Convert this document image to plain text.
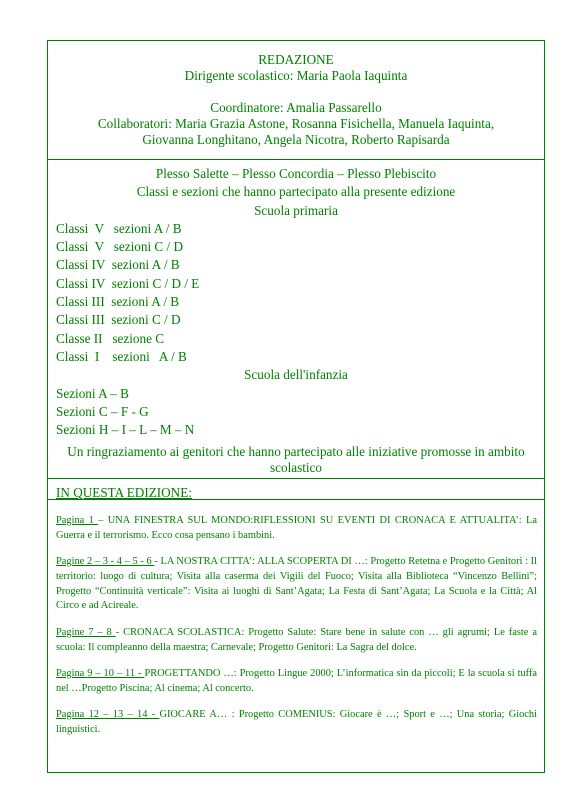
REDAZIONE
Dirigente scolastico: Maria Paola Iaquinta
Coordinatore: Amalia Passarello
Collaboratori: Maria Grazia Astone, Rosanna Fisichella, Manuela Iaquinta,
Giovanna Longhitano, Angela Nicotra, Roberto Rapisarda
Plesso Salette – Plesso Concordia – Plesso Plebiscito
Classi e sezioni che hanno partecipato alla presente edizione
Scuola primaria
Classi  V   sezioni A / B
Classi  V   sezioni C / D
Classi IV  sezioni A / B
Classi IV  sezioni C / D / E
Classi III  sezioni A / B
Classi III  sezioni C / D
Classe II   sezione C
Classi  I    sezioni   A / B
Scuola dell'infanzia
Sezioni A – B
Sezioni C – F - G
Sezioni H – I – L – M – N
Un ringraziamento ai genitori che hanno partecipato alle iniziative promosse in ambito scolastico
IN QUESTA EDIZIONE:

Pagina 1 – UNA FINESTRA SUL MONDO:RIFLESSIONI SU EVENTI DI CRONACA E ATTUALITA’: La Guerra e il terrorismo. Ecco cosa pensano i bambini.

Pagine 2 – 3 - 4 – 5 - 6 - LA NOSTRA CITTA’: ALLA SCOPERTA DI …: Progetto Retetna e Progetto Genitori : Il territorio: luogo di cultura; Visita alla caserma dei Vigili del Fuoco; Visita alla Biblioteca “Vincenzo Bellini”; Progetto “Continuità verticale”: Visita ai luoghi di Sant’Agata; La Festa di Sant’Agata; La Scuola e la Città; Al Circo e ad Acireale.

Pagine 7 – 8 - CRONACA SCOLASTICA: Progetto Salute: Stare bene in salute con … gli agrumi; Le faste a scuola: Il compleanno della maestra; Carnevale; Progetto Genitori: La Sagra del dolce.

Pagina 9 – 10 – 11 - PROGETTANDO …: Progetto Lingue 2000; L’informatica sin da piccoli; E la scuola si tuffa nel …Progetto Piscina; Al cinema; Al concerto.

Pagina 12 – 13 – 14 - GIOCARE A… : Progetto COMENIUS: Giocare è …; Sport e …; Una storia; Giochi linguistici.
